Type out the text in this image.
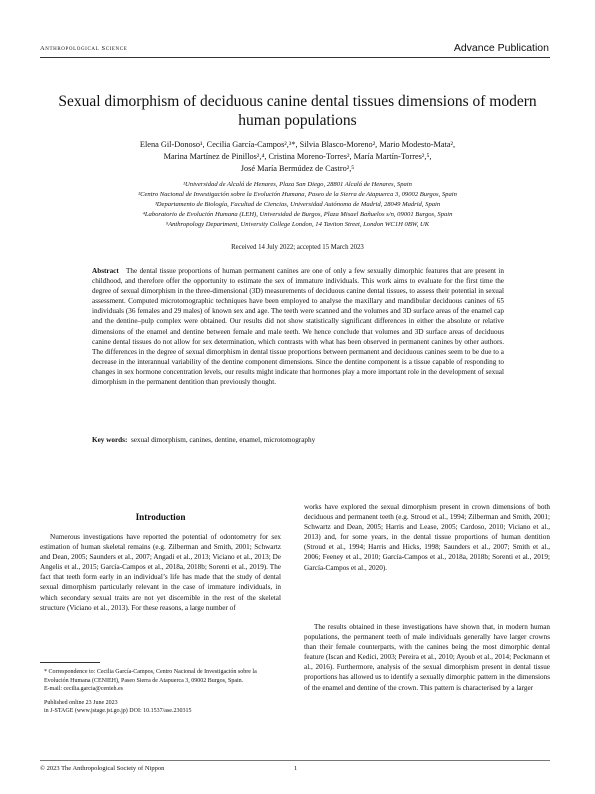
Anthropological Science	Advance Publication
Sexual dimorphism of deciduous canine dental tissues dimensions of modern human populations
Elena Gil-Donoso¹, Cecilia García-Campos²,³*, Silvia Blasco-Moreno², Mario Modesto-Mata²,
Marina Martínez de Pinillos²,⁴, Cristina Moreno-Torres², María Martín-Torres²,⁵,
José María Bermúdez de Castro²,⁵
¹Universidad de Alcalá de Henares, Plaza San Diego, 28801 Alcalá de Henares, Spain
²Centro Nacional de Investigación sobre la Evolución Humana, Paseo de la Sierra de Atapuerca 3, 09002 Burgos, Spain
³Departamento de Biología, Facultad de Ciencias, Universidad Autónoma de Madrid, 28049 Madrid, Spain
⁴Laboratorio de Evolución Humana (LEH), Universidad de Burgos, Plaza Misael Bañuelos s/n, 09001 Burgos, Spain
⁵Anthropology Department, University College London, 14 Taviton Street, London WC1H 0BW, UK
Received 14 July 2022; accepted 15 March 2023
Abstract The dental tissue proportions of human permanent canines are one of only a few sexually dimorphic features that are present in childhood, and therefore offer the opportunity to estimate the sex of immature individuals. This work aims to evaluate for the first time the degree of sexual dimorphism in the three-dimensional (3D) measurements of deciduous canine dental tissues, to assess their potential in sexual assessment. Computed microtomographic techniques have been employed to analyse the maxillary and mandibular deciduous canines of 65 individuals (36 females and 29 males) of known sex and age. The teeth were scanned and the volumes and 3D surface areas of the enamel cap and the dentine–pulp complex were obtained. Our results did not show statistically significant differences in either the absolute or relative dimensions of the enamel and dentine between female and male teeth. We hence conclude that volumes and 3D surface areas of deciduous canine dental tissues do not allow for sex determination, which contrasts with what has been observed in permanent canines by other authors. The differences in the degree of sexual dimorphism in dental tissue proportions between permanent and deciduous canines seem to be due to a decrease in the interannual variability of the dentine component dimensions. Since the dentine component is a tissue capable of responding to changes in sex hormone concentration levels, our results might indicate that hormones play a more important role in the development of sexual dimorphism in the permanent dentition than previously thought.
Key words: sexual dimorphism, canines, dentine, enamel, microtomography
Introduction
Numerous investigations have reported the potential of odontometry for sex estimation of human skeletal remains (e.g. Zilberman and Smith, 2001; Schwartz and Dean, 2005; Saunders et al., 2007; Angadi et al., 2013; Viciano et al., 2013; De Angelis et al., 2015; García-Campos et al., 2018a, 2018b; Sorenti et al., 2019). The fact that teeth form early in an individual’s life has made that the study of dental sexual dimorphism particularly relevant in the case of immature individuals, in which secondary sexual traits are not yet discernible in the rest of the skeletal structure (Viciano et al., 2013). For these reasons, a large number of
works have explored the sexual dimorphism present in crown dimensions of both deciduous and permanent teeth (e.g. Stroud et al., 1994; Zilberman and Smith, 2001; Schwartz and Dean, 2005; Harris and Lease, 2005; Cardoso, 2010; Viciano et al., 2013) and, for some years, in the dental tissue proportions of human dentition (Stroud et al., 1994; Harris and Hicks, 1998; Saunders et al., 2007; Smith et al., 2006; Feeney et al., 2010; García-Campos et al., 2018a, 2018b; Sorenti et al., 2019; García-Campos et al., 2020).
The results obtained in these investigations have shown that, in modern human populations, the permanent teeth of male individuals generally have larger crowns than their female counterparts, with the canines being the most dimorphic dental feature (Iscan and Kedici, 2003; Pereira et al., 2010; Ayoub et al., 2014; Peckmann et al., 2016). Furthermore, analysis of the sexual dimorphism present in dental tissue proportions has allowed us to identify a sexually dimorphic pattern in the dimensions of the enamel and dentine of the crown. This pattern is characterised by a larger
* Correspondence to: Cecilia García-Campos, Centro Nacional de Investigación sobre la Evolución Humana (CENIEH), Paseo Sierra de Atapuerca 3, 09002 Burgos, Spain.
E-mail: cecilia.garcia@cenieh.es
Published online 23 June 2023
in J-STAGE (www.jstage.jst.go.jp) DOI: 10.1537/ase.230315
© 2023 The Anthropological Society of Nippon	1
